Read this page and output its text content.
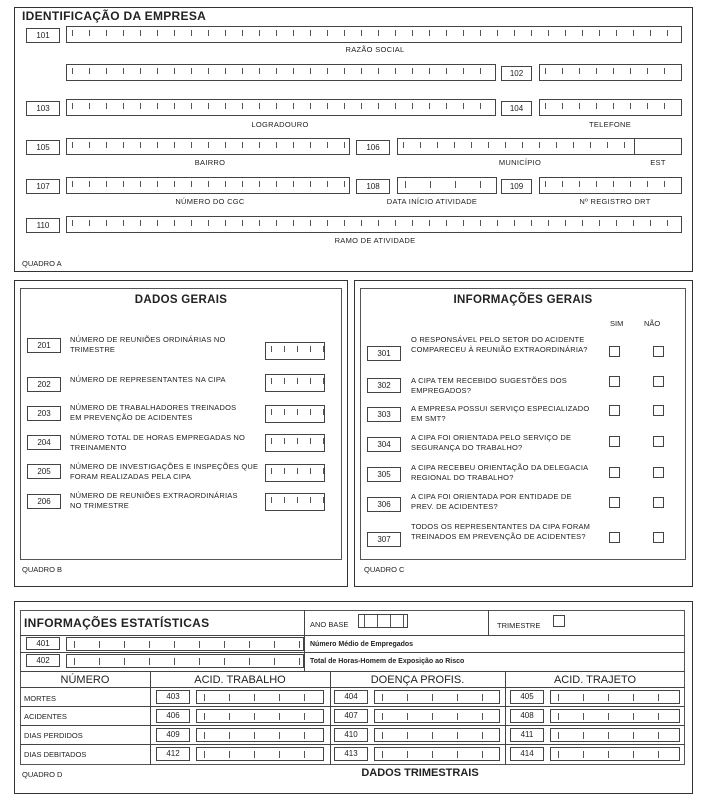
IDENTIFICAÇÃO DA EMPRESA
101
RAZÃO SOCIAL
102
103	104
LOGRADOURO	TELEFONE
105	106
BAIRRO	MUNICÍPIO	EST
107	108	109
NÚMERO DO CGC	DATA INÍCIO ATIVIDADE	Nº REGISTRO DRT
110
RAMO DE ATIVIDADE
QUADRO A
DADOS GERAIS
201
NÚMERO DE REUNIÕES ORDINÁRIAS NO TRIMESTRE
202
NÚMERO DE REPRESENTANTES NA CIPA
203
NÚMERO DE TRABALHADORES TREINADOS EM PREVENÇÃO DE ACIDENTES
204
NÚMERO TOTAL DE HORAS EMPREGADAS NO TREINAMENTO
205
NÚMERO DE INVESTIGAÇÕES E INSPEÇÕES QUE FORAM REALIZADAS PELA CIPA
206
NÚMERO DE REUNIÕES EXTRAORDINÁRIAS NO TRIMESTRE
QUADRO B
INFORMAÇÕES GERAIS
SIM	NÃO
301
O RESPONSÁVEL PELO SETOR DO ACIDENTE COMPARECEU À REUNIÃO EXTRAORDINÁRIA?
302
A CIPA TEM RECEBIDO SUGESTÕES DOS EMPREGADOS?
303
A EMPRESA POSSUI SERVIÇO ESPECIALIZADO EM SMT?
304
A CIPA FOI ORIENTADA PELO SERVIÇO DE SEGURANÇA DO TRABALHO?
305
A CIPA RECEBEU ORIENTAÇÃO DA DELEGACIA REGIONAL DO TRABALHO?
306
A CIPA FOI ORIENTADA POR ENTIDADE DE PREV. DE ACIDENTES?
307
TODOS OS REPRESENTANTES DA CIPA FORAM TREINADOS EM PREVENÇÃO DE ACIDENTES?
QUADRO C
INFORMAÇÕES ESTATÍSTICAS	ANO BASE	TRIMESTRE
401	Número Médio de Empregados
402	Total de Horas-Homem de Exposição ao Risco
NÚMERO	ACID. TRABALHO	DOENÇA PROFIS.	ACID. TRAJETO
MORTES	403	404	405
ACIDENTES	406	407	408
DIAS PERDIDOS	409	410	411
DIAS DEBITADOS	412	413	414
QUADRO D	DADOS TRIMESTRAIS
